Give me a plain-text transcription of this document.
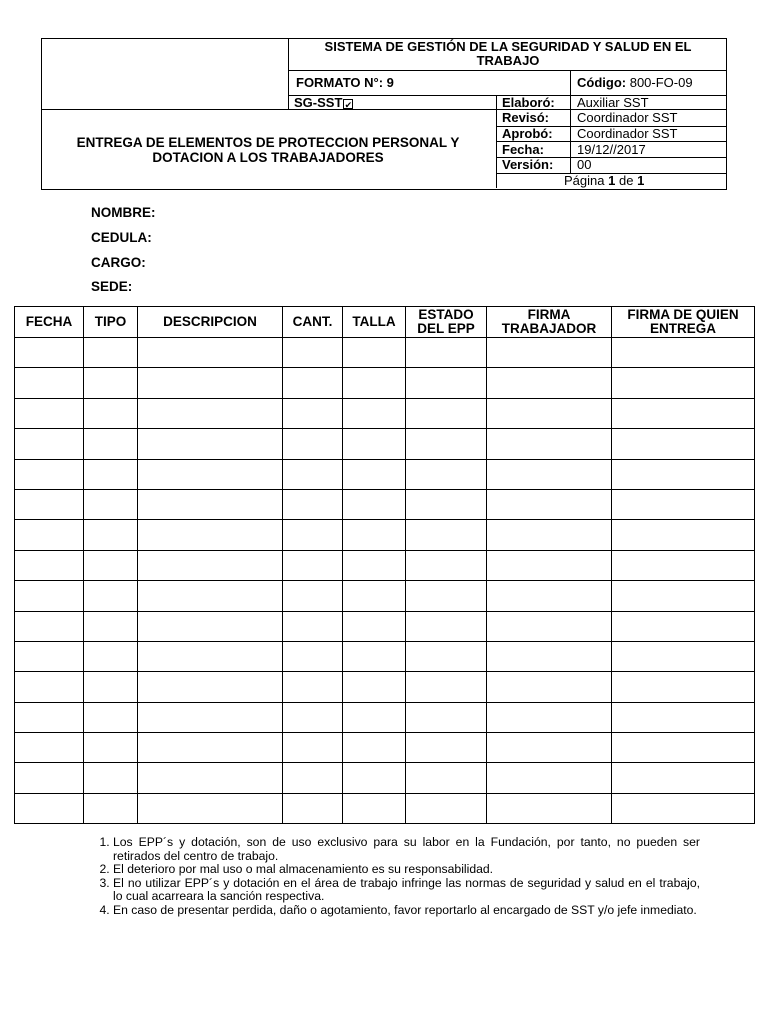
SISTEMA DE GESTIÓN DE LA SEGURIDAD Y SALUD EN EL TRABAJO
FORMATO N°: 9	Código: 800-FO-09
SG-SST ✔
ENTREGA DE ELEMENTOS DE PROTECCION PERSONAL Y DOTACION A LOS TRABAJADORES
Elaboró: Auxiliar SST
Revisó: Coordinador SST
Aprobó: Coordinador SST
Fecha:	19/12//2017
Versión: 00
Página 1 de 1
NOMBRE:
CEDULA:
CARGO:
SEDE:
FECHA	TIPO	DESCRIPCION	CANT.	TALLA	ESTADO DEL EPP	FIRMA TRABAJADOR	FIRMA DE QUIEN ENTREGA

1. Los EPP´s y dotación, son de uso exclusivo para su labor en la Fundación, por tanto, no pueden ser retirados del centro de trabajo.
2. El deterioro por mal uso o mal almacenamiento es su responsabilidad.
3. El no utilizar EPP´s y dotación en el área de trabajo infringe las normas de seguridad y salud en el trabajo, lo cual acarreara la sanción respectiva.
4. En caso de presentar perdida, daño o agotamiento, favor reportarlo al encargado de SST y/o jefe inmediato.
